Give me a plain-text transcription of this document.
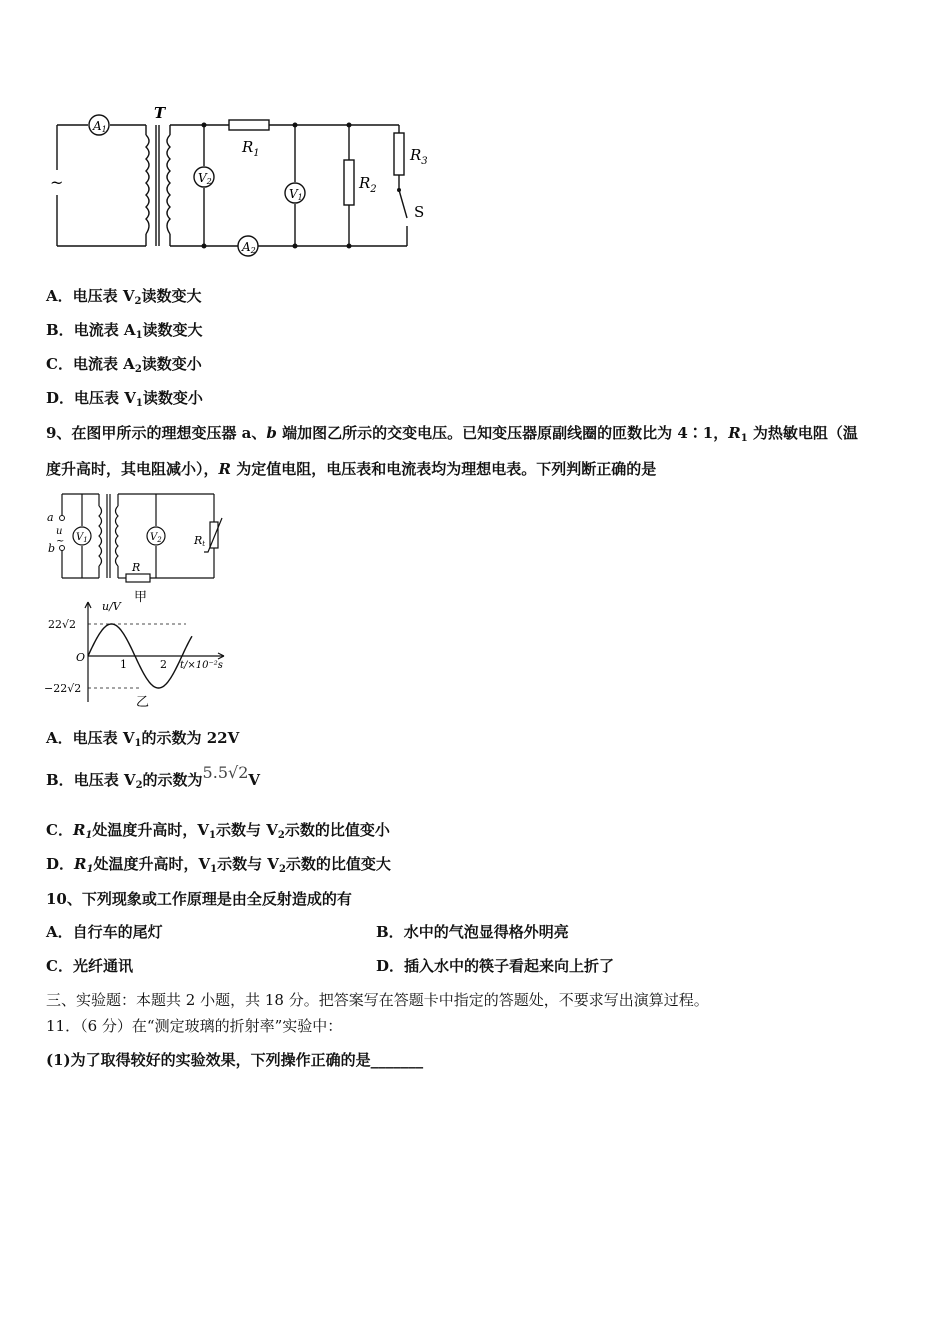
~
T
A1
V2
V1
A2
$R_1$
$R_2$
$R_3$
S
A．电压表 $V_2$读数变大
B．电流表 $A_1$读数变大
C．电流表 $A_2$读数变小
D．电压表 $V_1$读数变小
9、在图甲所示的理想变压器 a、b 端加图乙所示的交变电压。已知变压器原副线圈的匝数比为 4∶1，$R_1$ 为热敏电阻（温
度升高时，其电阻减小），R 为定值电阻，电压表和电流表均为理想电表。下列判断正确的是
a
b
u
~ $V_1$	$V_2$	Rt
R
甲
u/V
22√2
−22√2
O
1	2 t/×10⁻²s
乙
A．电压表 $V_1$的示数为 22V
B．电压表 $V_2$的示数为5.5√2V
C．$R_1$处温度升高时，$V_1$示数与 $V_2$示数的比值变小
D．$R_1$处温度升高时，$V_1$示数与 $V_2$示数的比值变大
10、下列现象或工作原理是由全反射造成的有
A．自行车的尾灯	B．水中的气泡显得格外明亮
C．光纤通讯	D．插入水中的筷子看起来向上折了
三、实验题：本题共 2 小题，共 18 分。把答案写在答题卡中指定的答题处，不要求写出演算过程。
11．（6 分）在“测定玻璃的折射率”实验中：
(1)为了取得较好的实验效果，下列操作正确的是_______
